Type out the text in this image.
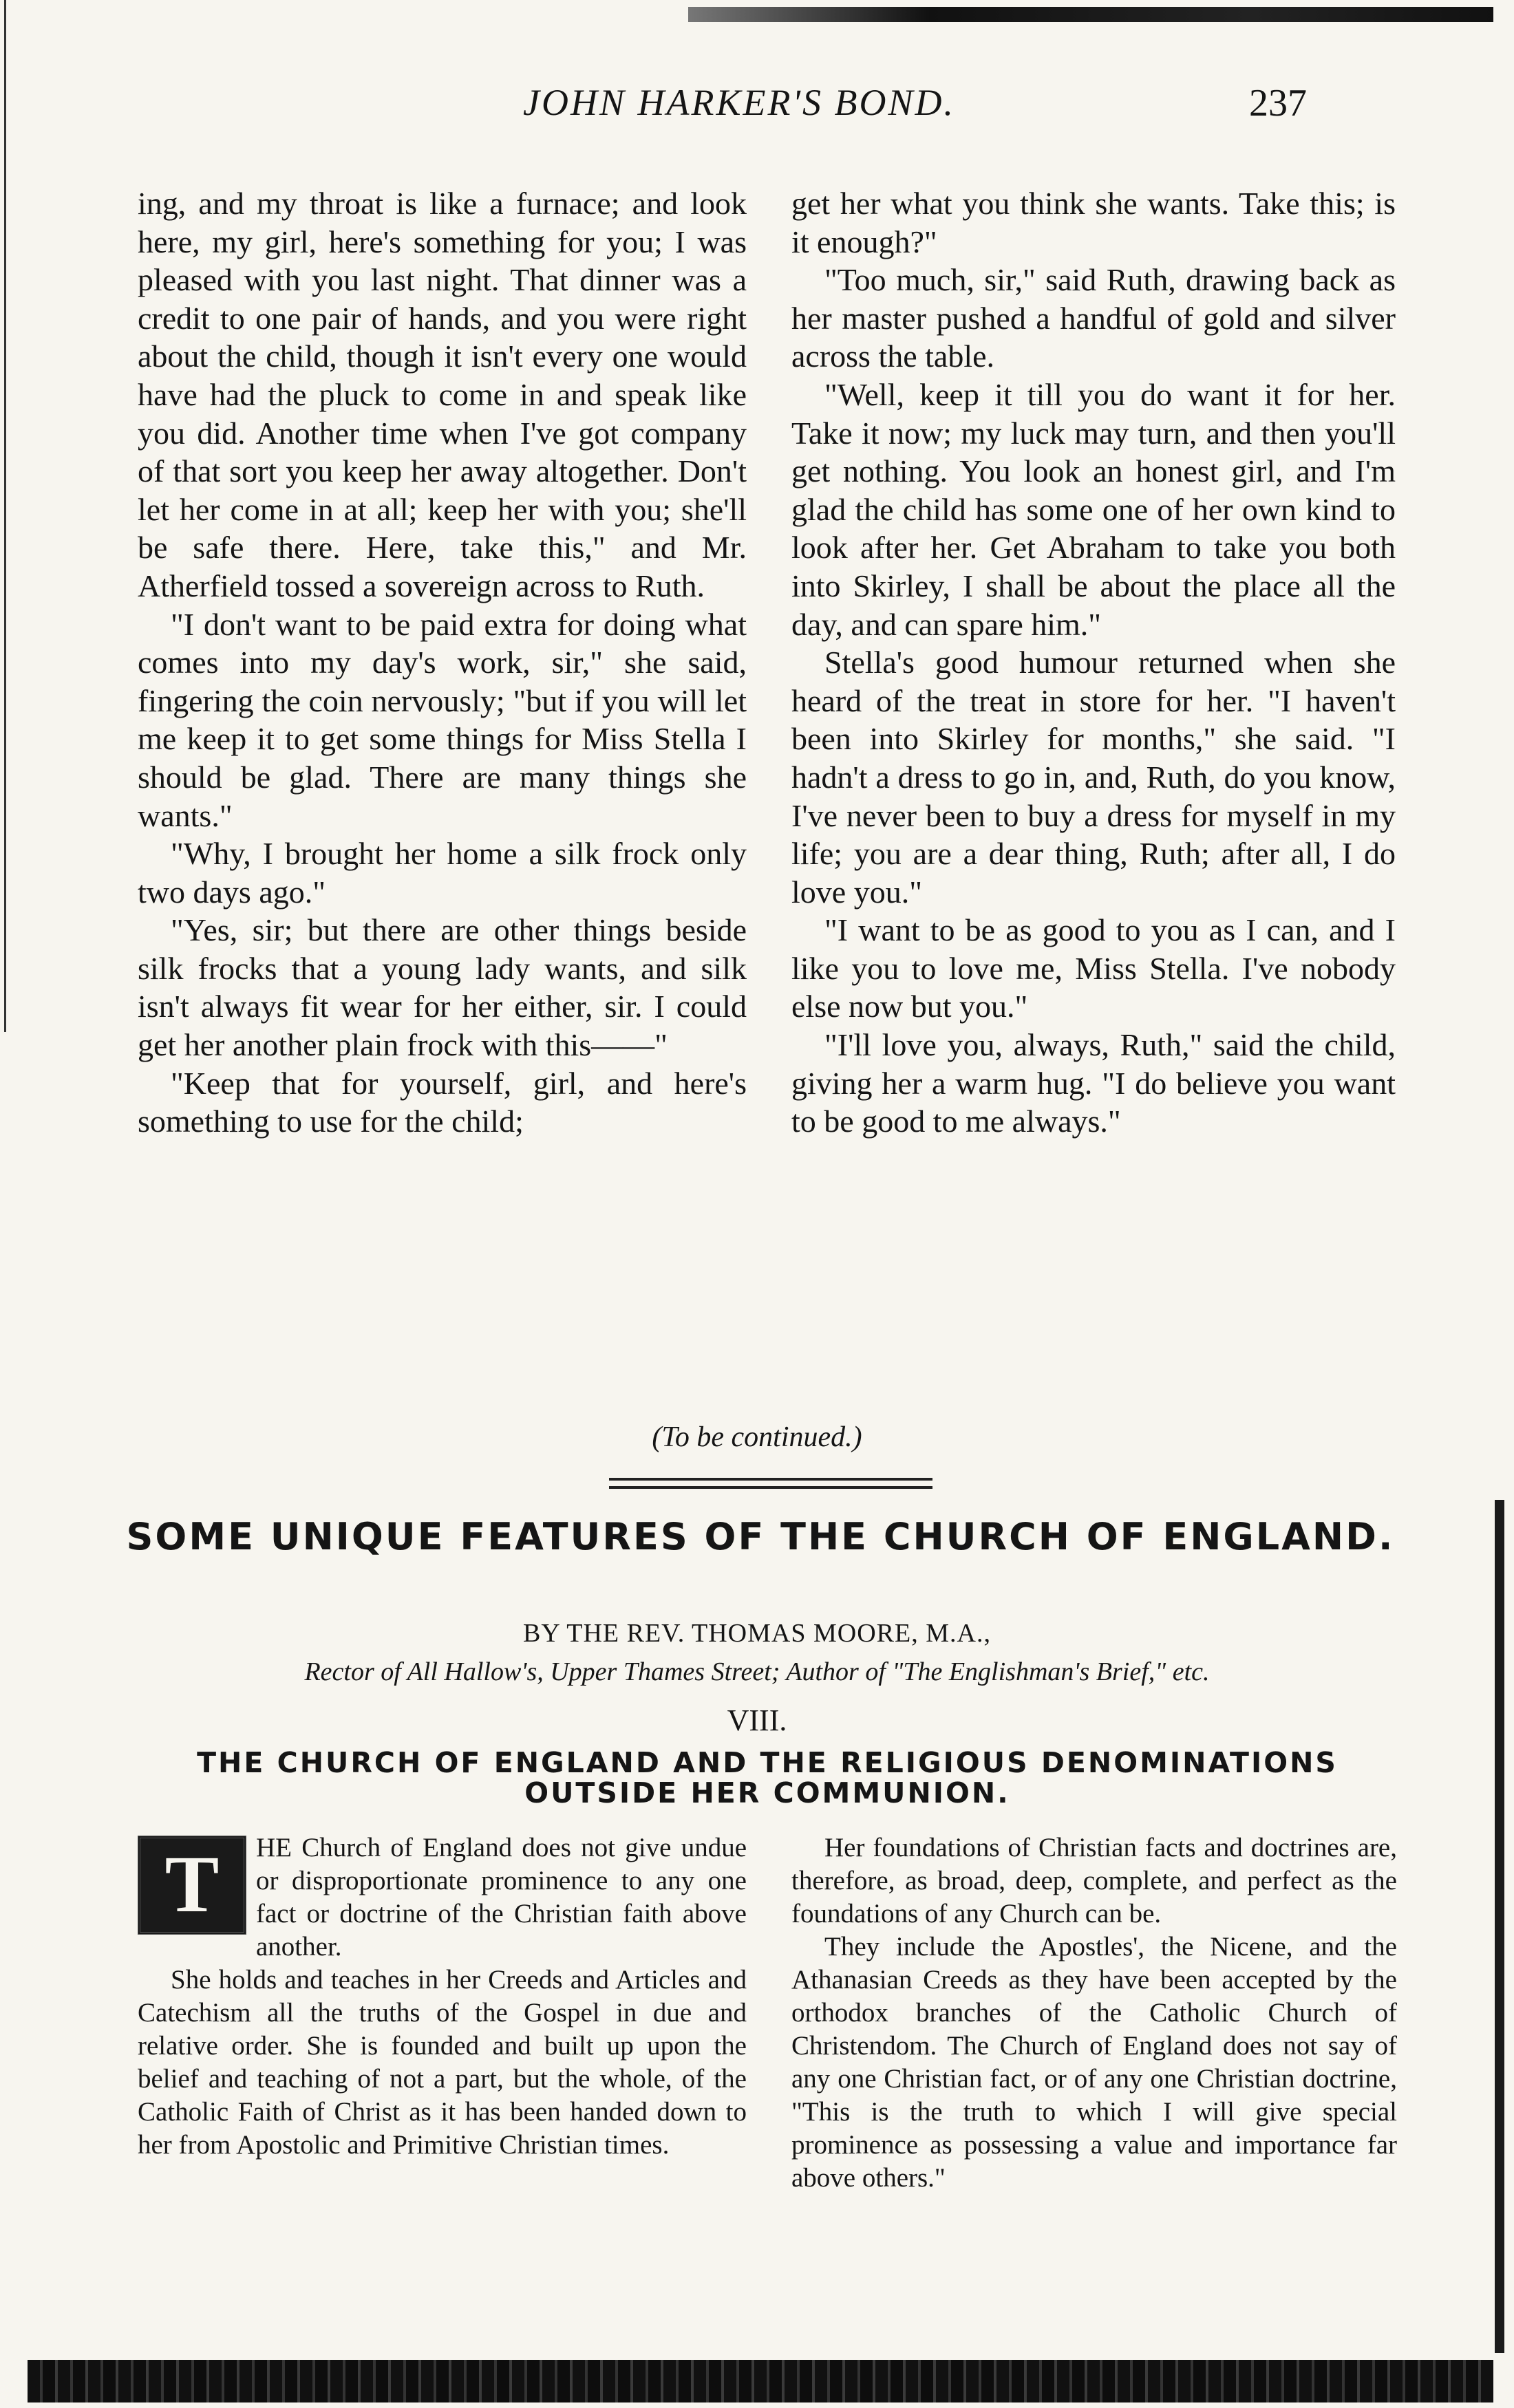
JOHN HARKER'S BOND.	237

ing, and my throat is like a furnace; and look here, my girl, here's something for you; I was pleased with you last night. That dinner was a credit to one pair of hands, and you were right about the child, though it isn't every one would have had the pluck to come in and speak like you did. Another time when I've got company of that sort you keep her away altogether. Don't let her come in at all; keep her with you; she'll be safe there. Here, take this," and Mr. Atherfield tossed a sovereign across to Ruth.

"I don't want to be paid extra for doing what comes into my day's work, sir," she said, fingering the coin nervously; "but if you will let me keep it to get some things for Miss Stella I should be glad. There are many things she wants."

"Why, I brought her home a silk frock only two days ago."

"Yes, sir; but there are other things beside silk frocks that a young lady wants, and silk isn't always fit wear for her either, sir. I could get her another plain frock with this——"

"Keep that for yourself, girl, and here's something to use for the child;

get her what you think she wants. Take this; is it enough?"

"Too much, sir," said Ruth, drawing back as her master pushed a handful of gold and silver across the table.

"Well, keep it till you do want it for her. Take it now; my luck may turn, and then you'll get nothing. You look an honest girl, and I'm glad the child has some one of her own kind to look after her. Get Abraham to take you both into Skirley, I shall be about the place all the day, and can spare him."

Stella's good humour returned when she heard of the treat in store for her. "I haven't been into Skirley for months," she said. "I hadn't a dress to go in, and, Ruth, do you know, I've never been to buy a dress for myself in my life; you are a dear thing, Ruth; after all, I do love you."

"I want to be as good to you as I can, and I like you to love me, Miss Stella. I've nobody else now but you."

"I'll love you, always, Ruth," said the child, giving her a warm hug. "I do believe you want to be good to me always."

(To be continued.)
SOME UNIQUE FEATURES OF THE CHURCH OF ENGLAND.
BY THE REV. THOMAS MOORE, M.A.,
Rector of All Hallow's, Upper Thames Street; Author of "The Englishman's Brief," etc.
VIII.
THE CHURCH OF ENGLAND AND THE RELIGIOUS DENOMINATIONS OUTSIDE HER COMMUNION.

T	HE Church of England does not give undue or disproportionate prominence to any one fact or doctrine of the Christian faith above another.

She holds and teaches in her Creeds and Articles and Catechism all the truths of the Gospel in due and relative order. She is founded and built up upon the belief and teaching of not a part, but the whole, of the Catholic Faith of Christ as it has been handed down to her from Apostolic and Primitive Christian times.

Her foundations of Christian facts and doctrines are, therefore, as broad, deep, complete, and perfect as the foundations of any Church can be.

They include the Apostles', the Nicene, and the Athanasian Creeds as they have been accepted by the orthodox branches of the Catholic Church of Christendom. The Church of England does not say of any one Christian fact, or of any one Christian doctrine, "This is the truth to which I will give special prominence as possessing a value and importance far above others."
